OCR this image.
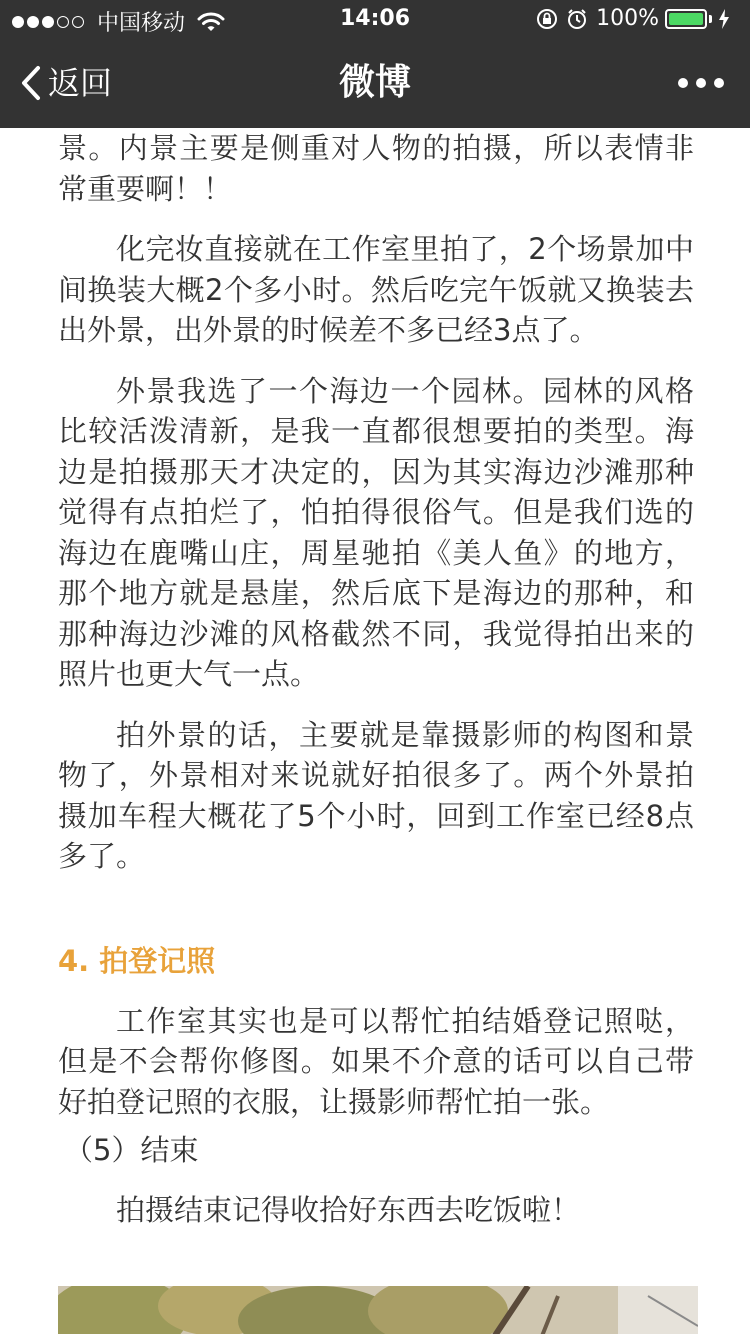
中国移动	14:06	100%
返回	微博

景。内景主要是侧重对人物的拍摄，所以表情非常重要啊！！

化完妆直接就在工作室里拍了，2个场景加中间换装大概2个多小时。然后吃完午饭就又换装去出外景，出外景的时候差不多已经3点了。

外景我选了一个海边一个园林。园林的风格比较活泼清新，是我一直都很想要拍的类型。海边是拍摄那天才决定的，因为其实海边沙滩那种觉得有点拍烂了，怕拍得很俗气。但是我们选的海边在鹿嘴山庄，周星驰拍《美人鱼》的地方，那个地方就是悬崖，然后底下是海边的那种，和那种海边沙滩的风格截然不同，我觉得拍出来的照片也更大气一点。

拍外景的话，主要就是靠摄影师的构图和景物了，外景相对来说就好拍很多了。两个外景拍摄加车程大概花了5个小时，回到工作室已经8点多了。

4. 拍登记照

工作室其实也是可以帮忙拍结婚登记照哒，但是不会帮你修图。如果不介意的话可以自己带好拍登记照的衣服，让摄影师帮忙拍一张。

（5）结束

拍摄结束记得收拾好东西去吃饭啦！
